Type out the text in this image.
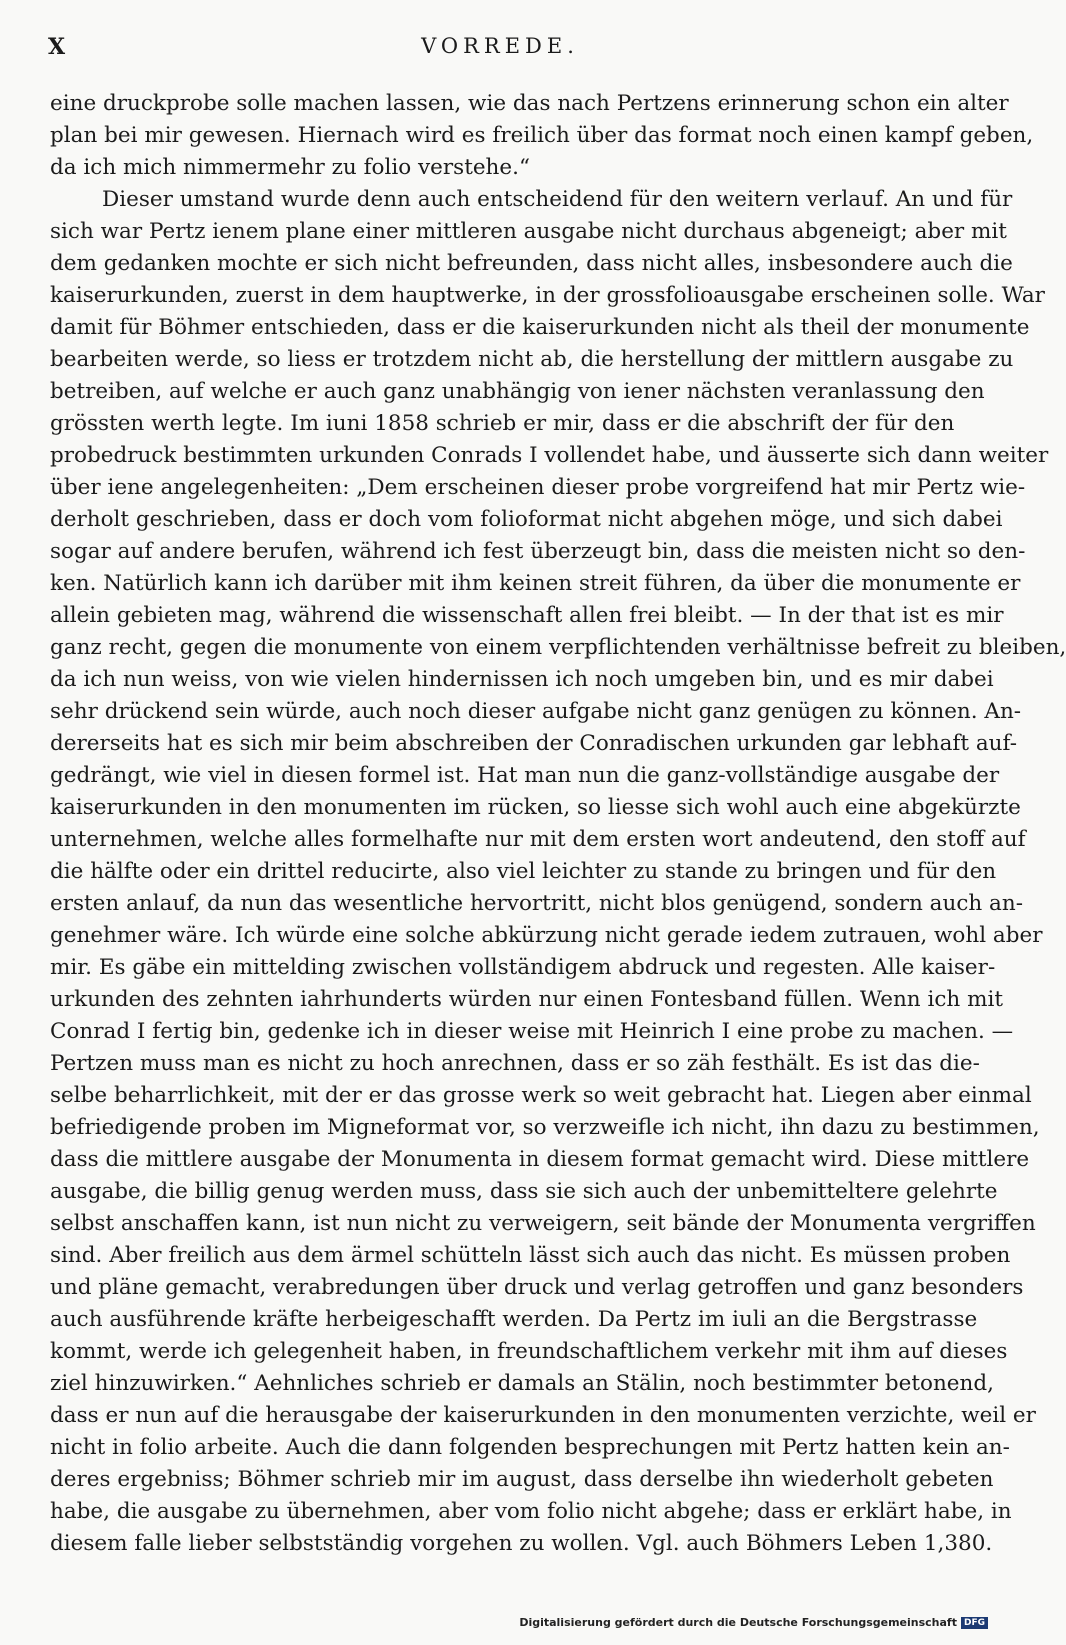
X	VORREDE.
eine druckprobe solle machen lassen, wie das nach Pertzens erinnerung schon ein alter
plan bei mir gewesen. Hiernach wird es freilich über das format noch einen kampf geben,
da ich mich nimmermehr zu folio verstehe.“
Dieser umstand wurde denn auch entscheidend für den weitern verlauf. An und für
sich war Pertz ienem plane einer mittleren ausgabe nicht durchaus abgeneigt; aber mit
dem gedanken mochte er sich nicht befreunden, dass nicht alles, insbesondere auch die
kaiserurkunden, zuerst in dem hauptwerke, in der grossfolioausgabe erscheinen solle. War
damit für Böhmer entschieden, dass er die kaiserurkunden nicht als theil der monumente
bearbeiten werde, so liess er trotzdem nicht ab, die herstellung der mittlern ausgabe zu
betreiben, auf welche er auch ganz unabhängig von iener nächsten veranlassung den
grössten werth legte. Im iuni 1858 schrieb er mir, dass er die abschrift der für den
probedruck bestimmten urkunden Conrads I vollendet habe, und äusserte sich dann weiter
über iene angelegenheiten: „Dem erscheinen dieser probe vorgreifend hat mir Pertz wie-
derholt geschrieben, dass er doch vom folioformat nicht abgehen möge, und sich dabei
sogar auf andere berufen, während ich fest überzeugt bin, dass die meisten nicht so den-
ken. Natürlich kann ich darüber mit ihm keinen streit führen, da über die monumente er
allein gebieten mag, während die wissenschaft allen frei bleibt. — In der that ist es mir
ganz recht, gegen die monumente von einem verpflichtenden verhältnisse befreit zu bleiben,
da ich nun weiss, von wie vielen hindernissen ich noch umgeben bin, und es mir dabei
sehr drückend sein würde, auch noch dieser aufgabe nicht ganz genügen zu können. An-
dererseits hat es sich mir beim abschreiben der Conradischen urkunden gar lebhaft auf-
gedrängt, wie viel in diesen formel ist. Hat man nun die ganz-vollständige ausgabe der
kaiserurkunden in den monumenten im rücken, so liesse sich wohl auch eine abgekürzte
unternehmen, welche alles formelhafte nur mit dem ersten wort andeutend, den stoff auf
die hälfte oder ein drittel reducirte, also viel leichter zu stande zu bringen und für den
ersten anlauf, da nun das wesentliche hervortritt, nicht blos genügend, sondern auch an-
genehmer wäre. Ich würde eine solche abkürzung nicht gerade iedem zutrauen, wohl aber
mir. Es gäbe ein mittelding zwischen vollständigem abdruck und regesten. Alle kaiser-
urkunden des zehnten iahrhunderts würden nur einen Fontesband füllen. Wenn ich mit
Conrad I fertig bin, gedenke ich in dieser weise mit Heinrich I eine probe zu machen. —
Pertzen muss man es nicht zu hoch anrechnen, dass er so zäh festhält. Es ist das die-
selbe beharrlichkeit, mit der er das grosse werk so weit gebracht hat. Liegen aber einmal
befriedigende proben im Migneformat vor, so verzweifle ich nicht, ihn dazu zu bestimmen,
dass die mittlere ausgabe der Monumenta in diesem format gemacht wird. Diese mittlere
ausgabe, die billig genug werden muss, dass sie sich auch der unbemitteltere gelehrte
selbst anschaffen kann, ist nun nicht zu verweigern, seit bände der Monumenta vergriffen
sind. Aber freilich aus dem ärmel schütteln lässt sich auch das nicht. Es müssen proben
und pläne gemacht, verabredungen über druck und verlag getroffen und ganz besonders
auch ausführende kräfte herbeigeschafft werden. Da Pertz im iuli an die Bergstrasse
kommt, werde ich gelegenheit haben, in freundschaftlichem verkehr mit ihm auf dieses
ziel hinzuwirken.“ Aehnliches schrieb er damals an Stälin, noch bestimmter betonend,
dass er nun auf die herausgabe der kaiserurkunden in den monumenten verzichte, weil er
nicht in folio arbeite. Auch die dann folgenden besprechungen mit Pertz hatten kein an-
deres ergebniss; Böhmer schrieb mir im august, dass derselbe ihn wiederholt gebeten
habe, die ausgabe zu übernehmen, aber vom folio nicht abgehe; dass er erklärt habe, in
diesem falle lieber selbstständig vorgehen zu wollen. Vgl. auch Böhmers Leben 1,380.
Digitalisierung gefördert durch die Deutsche Forschungsgemeinschaft DFG
